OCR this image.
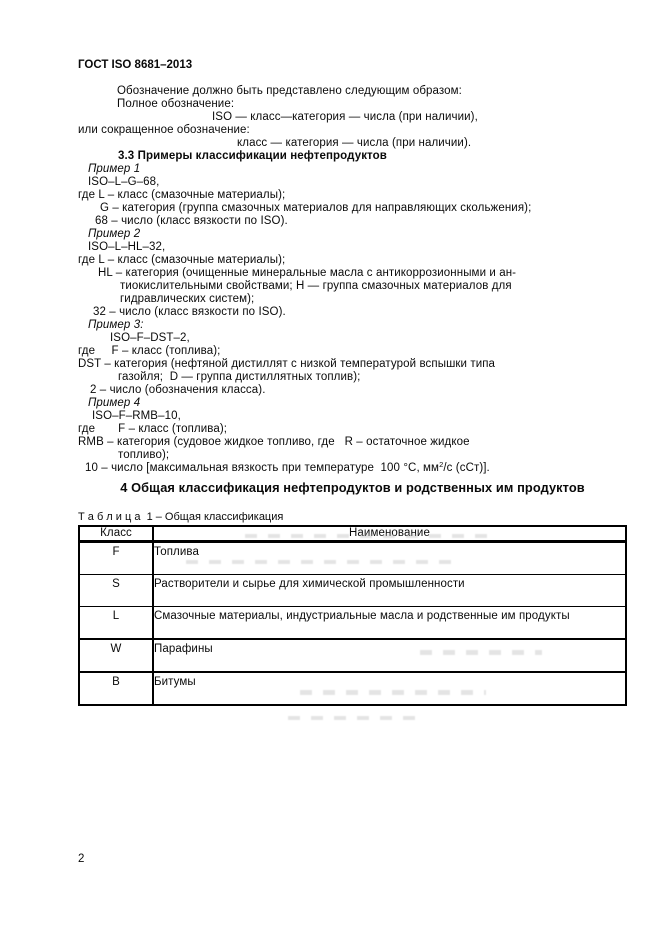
ГОСТ ISO 8681–2013
Обозначение должно быть представлено следующим образом:
Полное обозначение:
ISO — класс—категория — числа (при наличии),
или сокращенное обозначение:
класс — категория — числа (при наличии).
3.3 Примеры классификации нефтепродуктов
Пример 1
ISO–L–G–68,
где L – класс (смазочные материалы);
G – категория (группа смазочных материалов для направляющих скольжения);
68 – число (класс вязкости по ISO).
Пример 2
ISO–L–HL–32,
где L – класс (смазочные материалы);
HL – категория (очищенные минеральные масла с антикоррозионными и ан-
тиокислительными свойствами; H — группа смазочных материалов для
гидравлических систем);
32 – число (класс вязкости по ISO).
Пример 3:
ISO–F–DST–2,
где     F – класс (топлива);
DST – категория (нефтяной дистиллят с низкой температурой вспышки типа
газойля;  D — группа дистиллятных топлив);
2 – число (обозначения класса).
Пример 4
ISO–F–RMB–10,
где       F – класс (топлива);
RMB – категория (судовое жидкое топливо, где   R – остаточное жидкое
топливо);
10 – число [максимальная вязкость при температуре  100 °С, $мм^2/с$ (сСт)].
4 Общая классификация нефтепродуктов и родственных им продуктов
Т а б л и ц а  1 – Общая классификация
Класс	Наименование
F	Топлива
S	Растворители и сырье для химической промышленности
L	Смазочные материалы, индустриальные масла и родственные им продукты
W	Парафины
B	Битумы
2
